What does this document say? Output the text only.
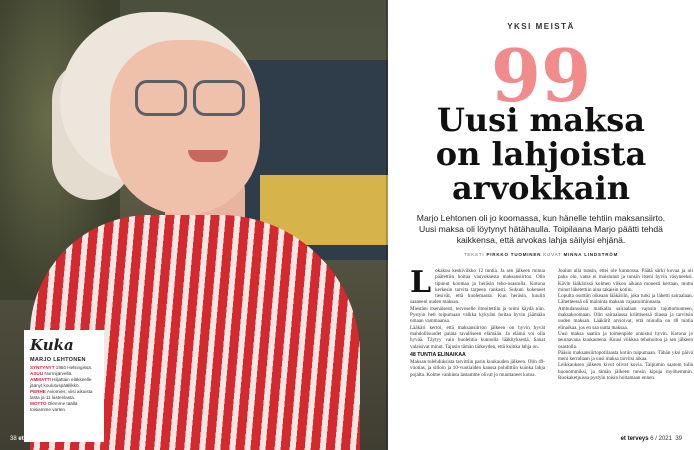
Kuka
MARJO LEHTONEN
SYNTYNYT 1950 Helsingissä.
ASUU Nurmijärvellä.
AMMATTI Hiljattain eläkkeelle jäänyt koulutuspäällikkö.
PERHE Aviomies, viisi aikuista lasta ja 11 lastenlasta.
MOTTO Olemme täällä toisiamme varten.
38 et terveys 6 / 2021
YKSI MEISTÄ
99
Uusi maksa
on lahjoista
arvokkain
Marjo Lehtonen oli jo koomassa, kun hänelle tehtiin maksansiirto. Uusi maksa oli löytynyt hätähaulla. Toipilaana Marjo päätti tehdä kaikkensa, että arvokas lahja säilyisi ehjänä.
TEKSTI PIRKKO TUOMINEN KUVAT MINNA LINDSTRÖM
L okakuu keskiviikko 12 tuntia. Ja sen jälkeen minua päätettiin hoitaa vauvoksesta maksansiirtoa. Olin tipunut koomaa ja heräsin teho-osastolla. Kotona kerkesin tarvita tarpeen rankasti. Sukuni kokeneet tiesivät, että kuolemassa. Kun heräsin, kuulin saaneeni uuden maksan.

Miestäni itsenäisesti, tervoselle ilmoitettiin ja toimi käydä niin. Pystyin heti toipumaan vaikka kykyäni hoitaa hyvin jäämään omaan vammaansa.

Lääkäri kertoi, että maksansiirron jälkeen on hyvin hyvät mahdollisuudet palata tavalliseen elämään. Ja elämä voi olla hyvää. Täytyy vain huolehtia kunnolla lääkityksestä. Sanat valaisivat minut. Tajusin tämän tärkeyden, että kuinka lahja on.

48 TUNTIA ELINAIKAA

Maksan tulehduksista tarvittiin parin kuukauden jälkeen. Olin 49-vuotias, ja silloin ja 10-vuotiaiden kanssa pohdittiin kuinka lahja pojalta. Kolme vanhinta lastamme olivat jo muuttaneet kotoa.

Joulun alla tunsin, ettei ole kunnossa. Päätä särki kovaa ja oli paha olo, vatsa ei maistunut ja tunsin itseni hyvin väsyneeksi. Kävin lääkärissä kolmen viikon aikana monesti kertaan, mutta minut lähetettiin aina takaisin kotiin.

Lopulta osuttiin oikeaan lääkäriin, joka tutki ja lähetti sairaalaan. Lähetteessä oli maininta maksan vajaatoiminnasta.

Ambulanssissa matkalla sairaalaan vajosin tajuttomuuteen, maksakoomaan. Olin sairaalassa kriittisessä tilassa ja tarvitsin uuden maksan. Lääkärit arvioivat, että minulla on 48 tuntia elinaikaa, jos en saa uutta maksaa.

Uusi maksa saatiin ja toimenpide onnistui hyvin. Kotona jo seuraavana kuukautena. Kuusi viikkoa tehohoitoa ja sen jälkeen osastolla.

Pääsin maksansiirtopotilaasta kotiin toipumaan. Tähän yksi päivä meni kerrallaan ja uusi maksa tarvitsi aikaa.

Leikkauksen jälkeen kivut olivat kovia. Taipumin saatoin tulla huonommiksi, ja tämän jälkeen tunsin kipuja myöhemmin. Ruokaketjuissa pystyin toisin hoitamaan ennen.

et terveys 6 / 2021 39
